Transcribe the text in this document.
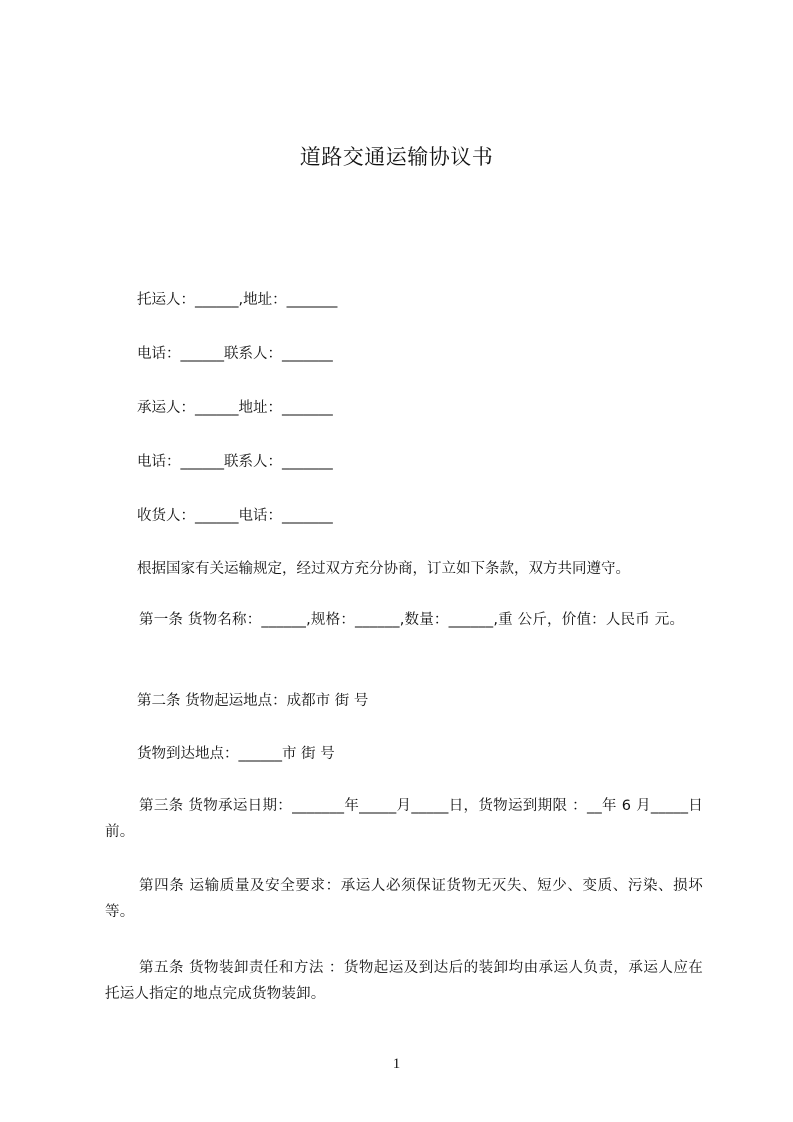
道路交通运输协议书
托运人：______,地址：_______
电话：______联系人：_______
承运人：______地址：_______
电话：______联系人：_______
收货人：______电话：_______
根据国家有关运输规定，经过双方充分协商，订立如下条款，双方共同遵守。
第一条 货物名称：______,规格：______,数量：______,重 公斤，价值：人民币 元。
第二条 货物起运地点：成都市 街 号
货物到达地点：______市 街 号
第三条 货物承运日期：_______年_____月_____日，货物运到期限 ：__年 6 月_____日前。
第四条 运输质量及安全要求：承运人必须保证货物无灭失、短少、变质、污染、损坏等。
第五条 货物装卸责任和方法 ：货物起运及到达后的装卸均由承运人负责，承运人应在托运人指定的地点完成货物装卸。
1
